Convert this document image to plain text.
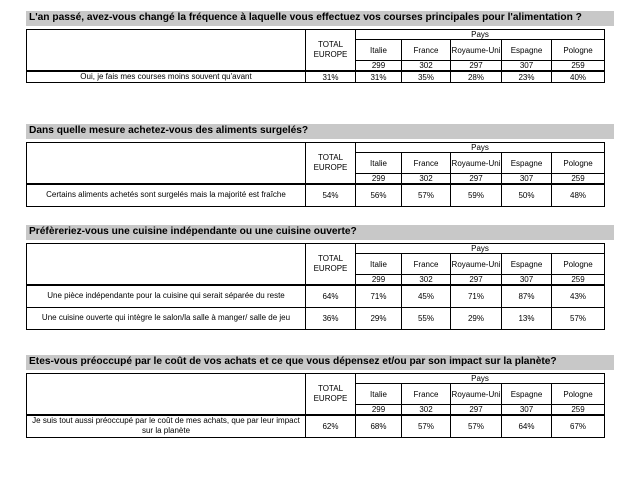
L'an passé, avez-vous changé la fréquence à laquelle vous effectuez vos courses principales pour l'alimentation ?
	TOTAL EUROPE	Pays				
		Italie	France	Royaume-Uni	Espagne	Pologne
		299	302	297	307	259
Oui, je fais mes courses moins souvent qu'avant	31%	31%	35%	28%	23%	40%
Dans quelle mesure achetez-vous des aliments surgelés?
	TOTAL EUROPE	Pays				
		Italie	France	Royaume-Uni	Espagne	Pologne
		299	302	297	307	259
Certains aliments achetés sont surgelés mais la majorité est fraîche	54%	56%	57%	59%	50%	48%
Préfèreriez-vous une cuisine indépendante ou une cuisine ouverte?
	TOTAL EUROPE	Pays				
		Italie	France	Royaume-Uni	Espagne	Pologne
		299	302	297	307	259
Une pièce indépendante pour la cuisine qui serait séparée du reste	64%	71%	45%	71%	87%	43%
Une cuisine ouverte qui intègre le salon/la salle à manger/ salle de jeu	36%	29%	55%	29%	13%	57%
Etes-vous préoccupé par le coût de vos achats et ce que vous dépensez et/ou par son impact sur la planète?
	TOTAL EUROPE	Pays				
		Italie	France	Royaume-Uni	Espagne	Pologne
		299	302	297	307	259
Je suis tout aussi préoccupé par le coût de mes achats, que par leur impact sur la planète	62%	68%	57%	57%	64%	67%
